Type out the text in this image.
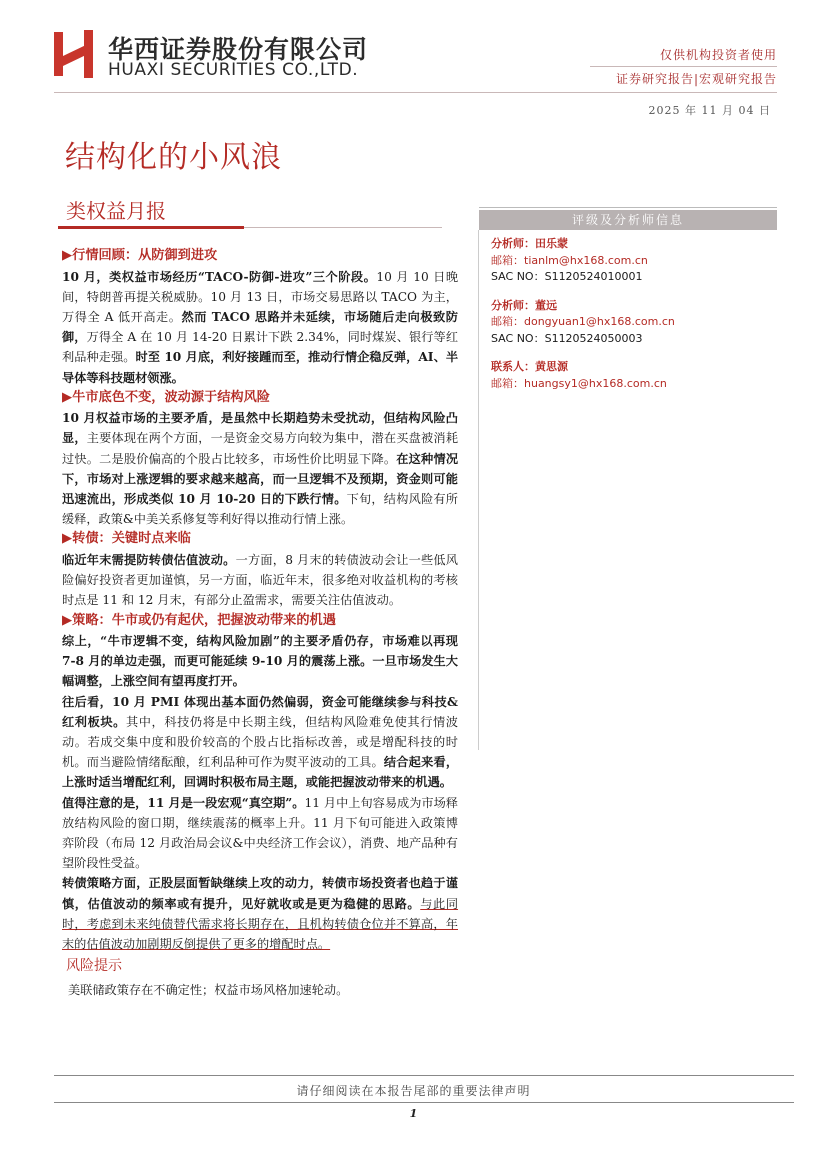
华西证券股份有限公司
HUAXI SECURITIES CO.,LTD.
仅供机构投资者使用
证券研究报告|宏观研究报告
2025 年 11 月 04 日
结构化的小风浪
类权益月报	评级及分析师信息
分析师：田乐蒙
邮箱：tianlm@hx168.com.cn
SAC NO：S1120524010001
分析师：董远
邮箱：dongyuan1@hx168.com.cn
SAC NO：S1120524050003
联系人：黄思源
邮箱：huangsy1@hx168.com.cn

▶行情回顾：从防御到进攻

10 月，类权益市场经历“TACO-防御-进攻”三个阶段。10 月 10 日晚间，特朗普再提关税威胁。10 月 13 日，市场交易思路以 TACO 为主，万得全 A 低开高走。然而 TACO 思路并未延续，市场随后走向极致防御，万得全 A 在 10 月 14-20 日累计下跌 2.34%，同时煤炭、银行等红利品种走强。时至 10 月底，利好接踵而至，推动行情企稳反弹，AI、半导体等科技题材领涨。

▶牛市底色不变，波动源于结构风险

10 月权益市场的主要矛盾，是虽然中长期趋势未受扰动，但结构风险凸显，主要体现在两个方面，一是资金交易方向较为集中，潜在买盘被消耗过快。二是股价偏高的个股占比较多，市场性价比明显下降。在这种情况下，市场对上涨逻辑的要求越来越高，而一旦逻辑不及预期，资金则可能迅速流出，形成类似 10 月 10-20 日的下跌行情。下旬，结构风险有所缓释，政策&中美关系修复等利好得以推动行情上涨。

▶转债：关键时点来临

临近年末需提防转债估值波动。一方面，8 月末的转债波动会让一些低风险偏好投资者更加谨慎，另一方面，临近年末，很多绝对收益机构的考核时点是 11 和 12 月末，有部分止盈需求，需要关注估值波动。

▶策略：牛市或仍有起伏，把握波动带来的机遇

综上，“牛市逻辑不变，结构风险加剧”的主要矛盾仍存，市场难以再现 7-8 月的单边走强，而更可能延续 9-10 月的震荡上涨。一旦市场发生大幅调整，上涨空间有望再度打开。

往后看，10 月 PMI 体现出基本面仍然偏弱，资金可能继续参与科技&红利板块。其中，科技仍将是中长期主线，但结构风险难免使其行情波动。若成交集中度和股价较高的个股占比指标改善，或是增配科技的时机。而当避险情绪酝酿，红利品种可作为熨平波动的工具。结合起来看，上涨时适当增配红利，回调时积极布局主题，或能把握波动带来的机遇。

值得注意的是，11 月是一段宏观“真空期”。11 月中上旬容易成为市场释放结构风险的窗口期，继续震荡的概率上升。11 月下旬可能进入政策博弈阶段（布局 12 月政治局会议&中央经济工作会议），消费、地产品种有望阶段性受益。

转债策略方面，正股层面暂缺继续上攻的动力，转债市场投资者也趋于谨慎，估值波动的频率或有提升，见好就收或是更为稳健的思路。与此同时，考虑到未来纯债替代需求将长期存在，且机构转债仓位并不算高，年末的估值波动加剧期反倒提供了更多的增配时点。

风险提示

美联储政策存在不确定性；权益市场风格加速轮动。

请仔细阅读在本报告尾部的重要法律声明
1
